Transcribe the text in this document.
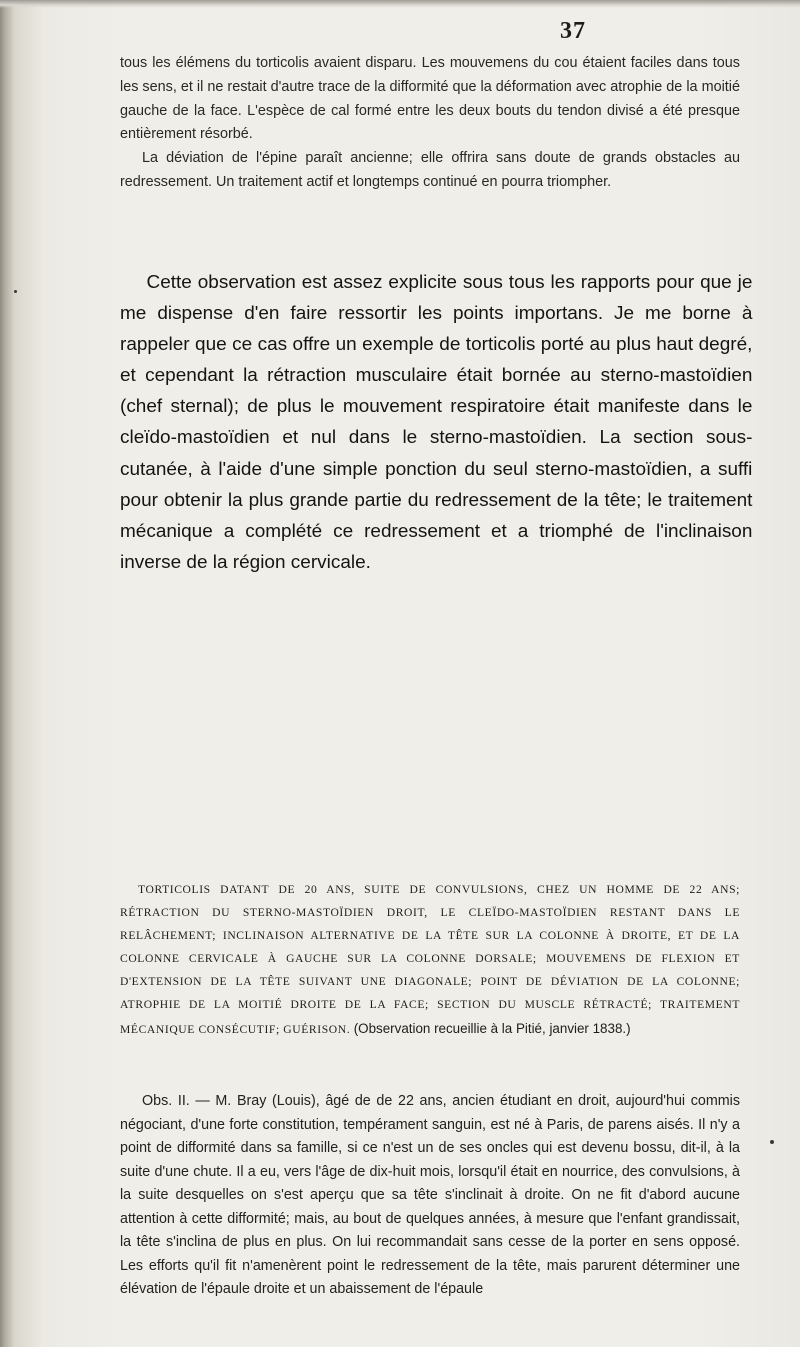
37

tous les élémens du torticolis avaient disparu. Les mouvemens du cou étaient faciles dans tous les sens, et il ne restait d'autre trace de la difformité que la déformation avec atrophie de la moitié gauche de la face. L'espèce de cal formé entre les deux bouts du tendon divisé a été presque entièrement résorbé.

La déviation de l'épine paraît ancienne; elle offrira sans doute de grands obstacles au redressement. Un traitement actif et longtemps continué en pourra triompher.

Cette observation est assez explicite sous tous les rapports pour que je me dispense d'en faire ressortir les points importans. Je me borne à rappeler que ce cas offre un exemple de torticolis porté au plus haut degré, et cependant la rétraction musculaire était bornée au sterno-mastoïdien (chef sternal); de plus le mouvement respiratoire était manifeste dans le cleïdo-mastoïdien et nul dans le sterno-mastoïdien. La section sous-cutanée, à l'aide d'une simple ponction du seul sterno-mastoïdien, a suffi pour obtenir la plus grande partie du redressement de la tête; le traitement mécanique a complété ce redressement et a triomphé de l'inclinaison inverse de la région cervicale.

TORTICOLIS DATANT DE 20 ANS, SUITE DE CONVULSIONS, CHEZ UN HOMME DE 22 ANS; RÉTRACTION DU STERNO-MASTOÏDIEN DROIT, LE CLEÏDO-MASTOÏDIEN RESTANT DANS LE RELÂCHEMENT; INCLINAISON ALTERNATIVE DE LA TÊTE SUR LA COLONNE À DROITE, ET DE LA COLONNE CERVICALE À GAUCHE SUR LA COLONNE DORSALE; MOUVEMENS DE FLEXION ET D'EXTENSION DE LA TÊTE SUIVANT UNE DIAGONALE; POINT DE DÉVIATION DE LA COLONNE; ATROPHIE DE LA MOITIÉ DROITE DE LA FACE; SECTION DU MUSCLE RÉTRACTÉ; TRAITEMENT MÉCANIQUE CONSÉCUTIF; GUÉRISON. (Observation recueillie à la Pitié, janvier 1838.)

Obs. II. — M. Bray (Louis), âgé de de 22 ans, ancien étudiant en droit, aujourd'hui commis négociant, d'une forte constitution, tempérament sanguin, est né à Paris, de parens aisés. Il n'y a point de difformité dans sa famille, si ce n'est un de ses oncles qui est devenu bossu, dit-il, à la suite d'une chute. Il a eu, vers l'âge de dix-huit mois, lorsqu'il était en nourrice, des convulsions, à la suite desquelles on s'est aperçu que sa tête s'inclinait à droite. On ne fit d'abord aucune attention à cette difformité; mais, au bout de quelques années, à mesure que l'enfant grandissait, la tête s'inclina de plus en plus. On lui recommandait sans cesse de la porter en sens opposé. Les efforts qu'il fit n'amenèrent point le redressement de la tête, mais parurent déterminer une élévation de l'épaule droite et un abaissement de l'épaule
